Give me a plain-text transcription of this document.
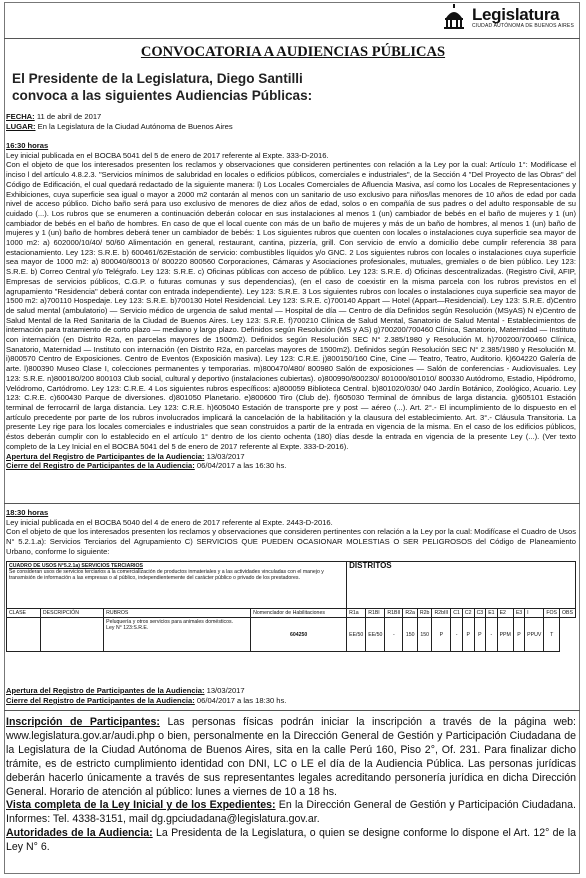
Legislatura
CIUDAD AUTÓNOMA DE BUENOS AIRES
CONVOCATORIA A AUDIENCIAS PÚBLICAS
El Presidente de la Legislatura, Diego Santilli
convoca a las siguientes Audiencias Públicas:
FECHA: 11 de abril de 2017
LUGAR: En la Legislatura de la Ciudad Autónoma de Buenos Aires
16:30 horas
Ley inicial publicada en el BOCBA 5041 del 5 de enero de 2017 referente al Expte. 333-D-2016.
Con el objeto de que los interesados presenten los reclamos y observaciones que consideren pertinentes con relación a la Ley por la cual: Artículo 1°: Modifícase el inciso l del artículo 4.8.2.3. "Servicios mínimos de salubridad en locales o edificios públicos, comerciales e industriales", de la Sección 4 "Del Proyecto de las Obras" del Código de Edificación, el cual quedará redactado de la siguiente manera: l) Los Locales Comerciales de Afluencia Masiva, así como los Locales de Representaciones y Exhibiciones, cuya superficie sea igual o mayor a 2000 m2 contarán al menos con un sanitario de uso exclusivo para niños/las menores de 10 años de edad por cada nivel de acceso público. Dicho baño será para uso exclusivo de menores de diez años de edad, solos o en compañía de sus padres o del adulto responsable de su cuidado (...). Los rubros que se enumeren a continuación deberán colocar en sus instalaciones al menos 1 (un) cambiador de bebés en el baño de mujeres y 1 (un) cambiador de bebés en el baño de hombres. En caso de que el local cuente con más de un baño de mujeres y más de un baño de hombres, al menos 1 (un) baño de mujeres y 1 (un) baño de hombres deberá tener un cambiador de bebés: 1 Los siguientes rubros que cuenten con locales o instalaciones cuya superficie sea mayor de 1000 m2: a) 602000/10/40/ 50/60 Alimentación en general, restaurant, cantina, pizzería, grill. Con servicio de envío a domicilio debe cumplir referencia 38 para estacionamiento. Ley 123: S.R.E. b) 600461/62Estación de servicio: combustibles líquidos y/o GNC. 2 Los siguientes rubros con locales o instalaciones cuya superficie sea mayor de 1000 m2: a) 800040/80013 0/ 800220 800560 Corporaciones, Cámaras y Asociaciones profesionales, mutuales, gremiales o de bien público. Ley 123: S.R.E. b) Correo Central y/o Telégrafo. Ley 123: S.R.E. c) Oficinas públicas con acceso de público. Ley 123: S.R.E. d) Oficinas descentralizadas. (Registro Civil, AFIP, Empresas de servicios públicos, C.G.P. o futuras comunas y sus dependencias), (en el caso de coexistir en la misma parcela con los rubros previstos en el agrupamiento "Residencia" deberá contar con entrada independiente). Ley 123: S.R.E. 3 Los siguientes rubros con locales o instalaciones cuya superficie sea mayor de 1500 m2: a)700110 Hospedaje. Ley 123: S.R.E. b)700130 Hotel Residencial. Ley 123: S.R.E. c)700140 Appart — Hotel (Appart—Residencial). Ley 123: S.R.E. d)Centro de salud mental (ambulatorio) — Servicio médico de urgencia de salud mental — Hospital de día — Centro de día Definidos según Resolución (MSyAS) N e)Centro de Salud Mental de la Red Sanitaria de la Ciudad de Buenos Aires. Ley 123: S.R.E. f)700210 Clínica de Salud Mental, Sanatorio de Salud Mental - Establecimientos de internación para tratamiento de corto plazo — mediano y largo plazo. Definidos según Resolución (MS y AS) g)700200/700460 Clínica, Sanatorio, Maternidad — Instituto con internación (en Distrito R2a, en parcelas mayores de 1500m2). Definidos según Resolución SEC N° 2.385/1980 y Resolución M. h)700200/700460 Clínica, Sanatorio, Maternidad — Instituto con internación (en Distrito R2a, en parcelas mayores de 1500m2). Definidos según Resolución SEC N° 2.385/1980 y Resolución M. i)800570 Centro de Exposiciones. Centro de Eventos (Exposición masiva). Ley 123: C.R.E. j)800150/160 Cine, Cine — Teatro, Teatro, Auditorio. k)604220 Galería de arte. l)800390 Museo Clase I, colecciones permanentes y temporarias. m)800470/480/ 800980 Salón de exposiciones — Salón de conferencias - Audiovisuales. Ley 123: S.R.E. n)800180/200 800103 Club social, cultural y deportivo (instalaciones cubiertas). o)800990/800230/ 801000/801010/ 800330 Autódromo, Estadio, Hipódromo, Velódromo, Cartódromo. Ley 123: C.R.E. 4 Los siguientes rubros específicos: a)800059 Biblioteca Central. b)801020/030/ 040 Jardín Botánico, Zoológico, Acuario. Ley 123: C.R.E. c)600430 Parque de diversiones. d)801050 Planetario. e)800600 Tiro (Club de). f)605030 Terminal de ómnibus de larga distancia. g)605101 Estación terminal de ferrocarril de larga distancia. Ley 123: C.R.E. h)605040 Estación de transporte pre y post — aéreo (...). Art. 2°.- El incumplimiento de lo dispuesto en el artículo precedente por parte de los rubros involucrados implicará la cancelación de la habilitación y la clausura del establecimiento. Art. 3°.- Cláusula Transitoria. La presente Ley rige para los locales comerciales e industriales que sean construidos a partir de la entrada en vigencia de la misma. En el caso de los edificios públicos, éstos deberán cumplir con lo establecido en el artículo 1° dentro de los ciento ochenta (180) días desde la entrada en vigencia de la presente Ley (...). (Ver texto completo de la Ley Inicial en el BOCBA 5041 del 5 de enero de 2017 referente al Expte. 333-D-2016).
Apertura del Registro de Participantes de la Audiencia: 13/03/2017
Cierre del Registro de Participantes de la Audiencia: 06/04/2017 a las 16:30 hs.
18:30 horas
Ley inicial publicada en el BOCBA 5040 del 4 de enero de 2017 referente al Expte. 2443-D-2016.
Con el objeto de que los interesados presenten los reclamos y observaciones que consideren pertinentes con relación a la Ley por la cual: Modifícase el Cuadro de Usos N° 5.2.1.a): Servicios Terciarios del Agrupamiento C) SERVICIOS QUE PUEDEN OCASIONAR MOLESTIAS O SER PELIGROSOS del Código de Planeamiento Urbano, conforme lo siguiente:
CUADRO DE USOS N°5.2.1a) SERVICIOS TERCIARIOS
Se consideran usos de servicios terciarios a la comercialización de productos inmateriales y a las actividades vinculadas con el manejo y transmisión de información a las empresas o al público, independientemente del carácter público o privado de los prestadores.				DISTRITOS														
CLASE	DESCRIPCIÓN	RUBROS	Nomenclador de Habilitaciones	R1a	R1Bl	R1BII	R2a	R2b	R2bIII	C1	C2	C3	E1	E2	E3	I	FOS	OBS

		Peluquería y otros servicios para animales domésticos.
Ley N° 123:S.R.E.	604250	EE/50	EE/50	-	150	150	P	-	P	P	-	PPM	P	PPUV	T	
Apertura del Registro de Participantes de la Audiencia: 13/03/2017
Cierre del Registro de Participantes de la Audiencia: 06/04/2017 a las 18:30 hs.
Inscripción de Participantes: Las personas físicas podrán iniciar la inscripción a través de la página web: www.legislatura.gov.ar/audi.php o bien, personalmente en la Dirección General de Gestión y Participación Ciudadana de la Legislatura de la Ciudad Autónoma de Buenos Aires, sita en la calle Perú 160, Piso 2°, Of. 231. Para finalizar dicho trámite, es de estricto cumplimiento identidad con DNI, LC o LE el día de la Audiencia Pública. Las personas jurídicas deberán hacerlo únicamente a través de sus representantes legales acreditando personería jurídica en dicha Dirección General. Horario de atención al público: lunes a viernes de 10 a 18 hs.
Vista completa de la Ley Inicial y de los Expedientes: En la Dirección General de Gestión y Participación Ciudadana. Informes: Tel. 4338-3151, mail dg.gpciudadana@legislatura.gov.ar.
Autoridades de la Audiencia: La Presidenta de la Legislatura, o quien se designe conforme lo dispone el Art. 12° de la Ley N° 6.
